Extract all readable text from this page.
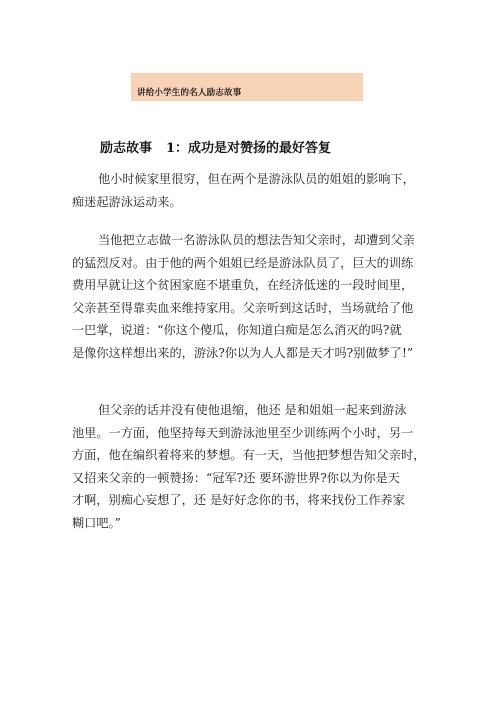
讲给小学生的名人励志故事
励志故事 1：成功是对赞扬的最好答复
他小时候家里很穷，但在两个是游泳队员的姐姐的影响下，
痴迷起游泳运动来。
当他把立志做一名游泳队员的想法告知父亲时，却遭到父亲
的猛烈反对。由于他的两个姐姐已经是游泳队员了，巨大的训练
费用早就让这个贫困家庭不堪重负，在经济低迷的一段时间里，
父亲甚至得靠卖血来维持家用。父亲听到这话时，当场就给了他
一巴掌，说道：“你这个傻瓜，你知道白痴是怎么消灭的吗?就
是像你这样想出来的，游泳?你以为人人都是天才吗?别做梦了!”
但父亲的话并没有使他退缩，他还 是和姐姐一起来到游泳
池里。一方面，他坚持每天到游泳池里至少训练两个小时，另一
方面，他在编织着将来的梦想。有一天，当他把梦想告知父亲时，
又招来父亲的一顿赞扬：“冠军?还 要环游世界?你以为你是天
才啊，别痴心妄想了，还 是好好念你的书，将来找份工作养家
糊口吧。”
